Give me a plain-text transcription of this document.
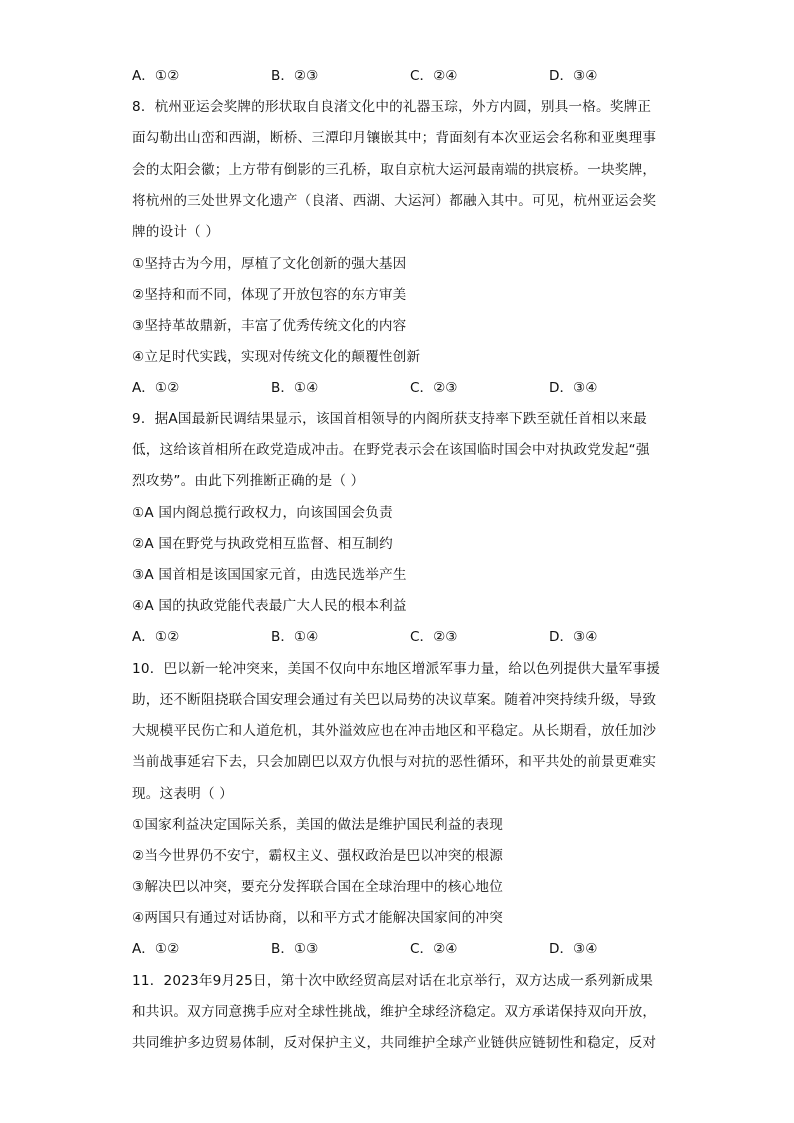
A．①②	B．②③	C．②④	D．③④
8．杭州亚运会奖牌的形状取自良渚文化中的礼器玉琮，外方内圆，别具一格。奖牌正
面勾勒出山峦和西湖，断桥、三潭印月镶嵌其中；背面刻有本次亚运会名称和亚奥理事
会的太阳会徽；上方带有倒影的三孔桥，取自京杭大运河最南端的拱宸桥。一块奖牌，
将杭州的三处世界文化遗产（良渚、西湖、大运河）都融入其中。可见，杭州亚运会奖
牌的设计（ ）
①坚持古为今用，厚植了文化创新的强大基因
②坚持和而不同，体现了开放包容的东方审美
③坚持革故鼎新，丰富了优秀传统文化的内容
④立足时代实践，实现对传统文化的颠覆性创新
A．①②	B．①④	C．②③	D．③④
9．据A国最新民调结果显示，该国首相领导的内阁所获支持率下跌至就任首相以来最
低，这给该首相所在政党造成冲击。在野党表示会在该国临时国会中对执政党发起“强
烈攻势”。由此下列推断正确的是（ ）
①A 国内阁总揽行政权力，向该国国会负责
②A 国在野党与执政党相互监督、相互制约
③A 国首相是该国国家元首，由选民选举产生
④A 国的执政党能代表最广大人民的根本利益
A．①②	B．①④	C．②③	D．③④
10．巴以新一轮冲突来，美国不仅向中东地区增派军事力量，给以色列提供大量军事援
助，还不断阻挠联合国安理会通过有关巴以局势的决议草案。随着冲突持续升级，导致
大规模平民伤亡和人道危机，其外溢效应也在冲击地区和平稳定。从长期看，放任加沙
当前战事延宕下去，只会加剧巴以双方仇恨与对抗的恶性循环，和平共处的前景更难实
现。这表明（ ）
①国家利益决定国际关系，美国的做法是维护国民利益的表现
②当今世界仍不安宁，霸权主义、强权政治是巴以冲突的根源
③解决巴以冲突，要充分发挥联合国在全球治理中的核心地位
④两国只有通过对话协商，以和平方式才能解决国家间的冲突
A．①②	B．①③	C．②④	D．③④
11．2023年9月25日，第十次中欧经贸高层对话在北京举行，双方达成一系列新成果
和共识。双方同意携手应对全球性挑战，维护全球经济稳定。双方承诺保持双向开放，
共同维护多边贸易体制，反对保护主义，共同维护全球产业链供应链韧性和稳定，反对
